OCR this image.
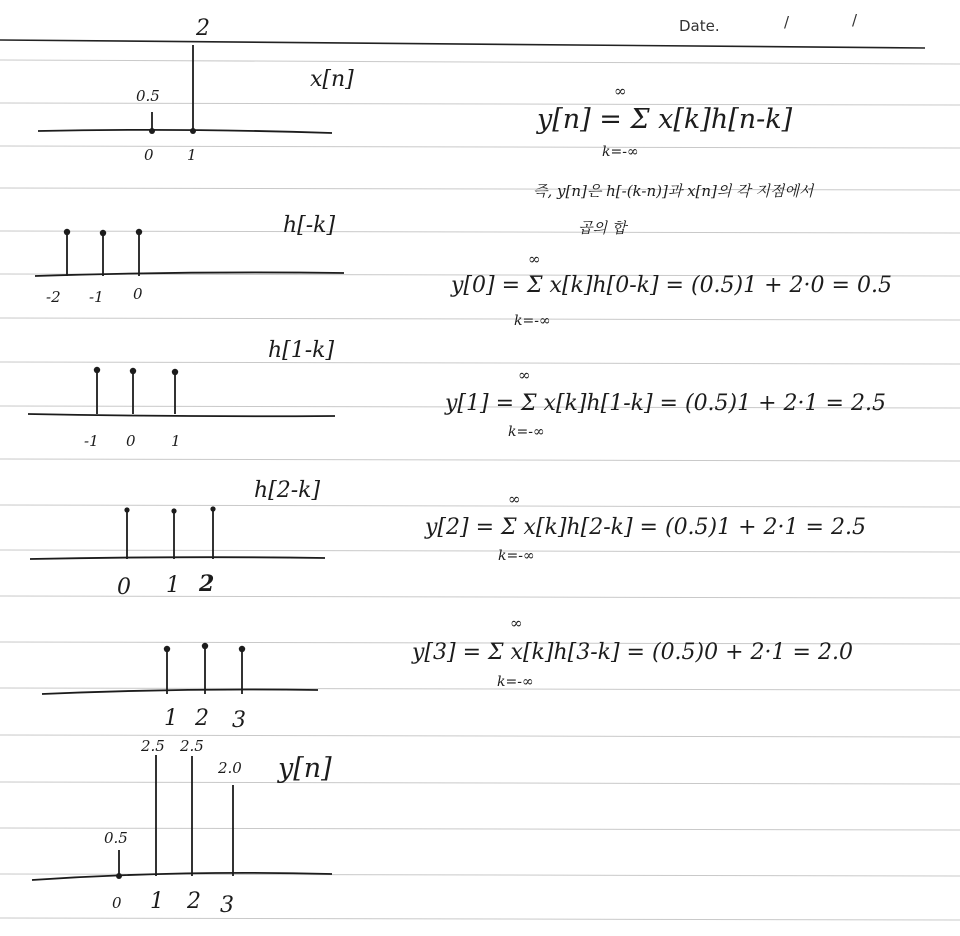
Date.	/	/
2
0.5
x[n]
0 1
h[-k]
-2 -1 0
h[1-k]
-1 0 1
h[2-k]
0 1 2
1 2 3
0.5
2.5 2.5
2.0 y[n]
0 1 2 3
y[n] = Σ x[k]h[n-k]
∞
k=-∞
즉, y[n]은 h[-(k-n)]과 x[n]의 각 지점에서
곱의 합
y[0] = Σ x[k]h[0-k] = (0.5)1 + 2·0 = 0.5
∞
k=-∞
y[1] = Σ x[k]h[1-k] = (0.5)1 + 2·1 = 2.5
∞
k=-∞
y[2] = Σ x[k]h[2-k] = (0.5)1 + 2·1 = 2.5
∞
k=-∞
y[3] = Σ x[k]h[3-k] = (0.5)0 + 2·1 = 2.0
∞
k=-∞
